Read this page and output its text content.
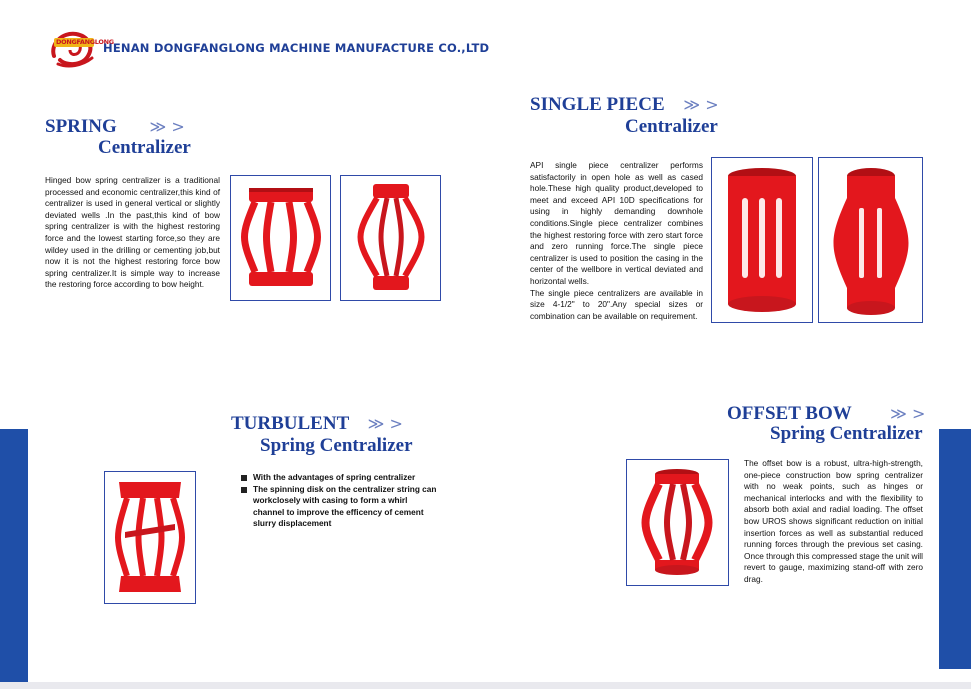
DONGFANGLONG
HENAN DONGFANGLONG MACHINE MANUFACTURE CO.,LTD
SPRING ≫ >
Centralizer
Hinged bow spring centralizer is a traditional processed and economic centralizer,this kind of centralizer is used in general vertical or slightly deviated wells .In the past,this kind of bow spring centralizer is with the highest restoring force and the lowest starting force,so they are wildey used in the drilling or cementing job,but now it is not the highest restoring force bow spring centralizer.It is simple way to increase the restoring force according to bow height.
SINGLE PIECE ≫ >
Centralizer
API single piece centralizer performs satisfactorily in open hole as well as cased hole.These high quality product,developed to meet and exceed API 10D specifications for using in highly demanding downhole conditions.Single piece centralizer combines the highest restoring force with zero start force and zero running force.The single piece centralizer is used to position the casing in the center of the wellbore in vertical deviated and horizontal wells.
The single piece centralizers are available in size 4-1/2" to 20".Any special sizes or combination can be available on requirement.
TURBULENT ≫ >
Spring Centralizer
With the advantages of spring centralizer
The spinning disk on the centralizer string can workclosely with casing to form a whirl channel to improve the efficency of cement slurry displacement
OFFSET BOW ≫ >
Spring Centralizer
The offset bow is a robust, ultra-high-strength, one-piece construction bow spring centralizer with no weak points, such as hinges or mechanical interlocks and with the flexibility to absorb both axial and radial loading. The offset bow UROS shows significant reduction on initial insertion forces as well as substantial reduced running forces through the previous set casing. Once through this compressed stage the unit will revert to gauge, maximizing stand-off with zero drag.
